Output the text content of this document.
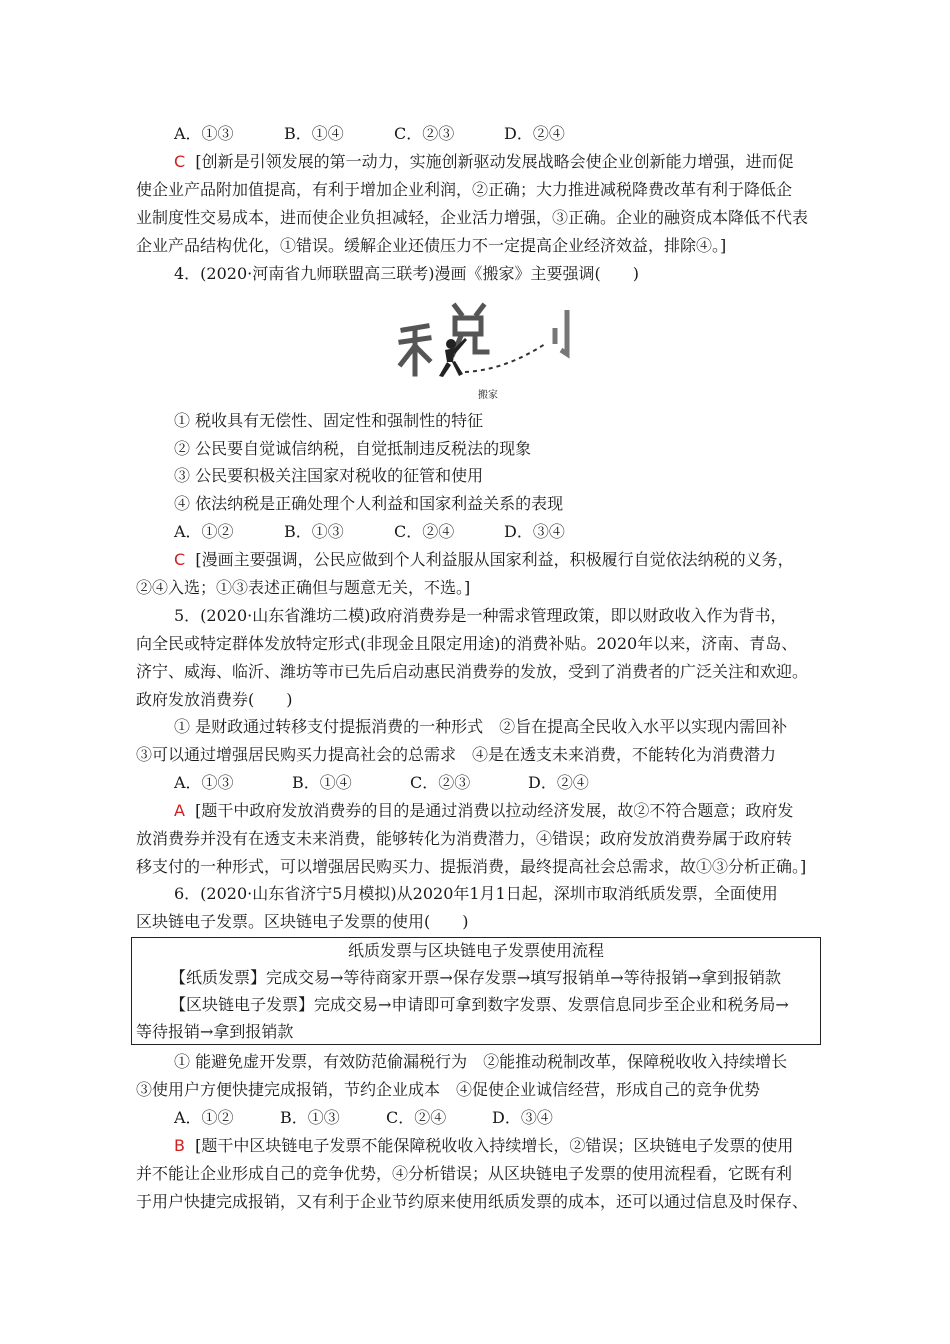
A．①③	B．①④	C．②③	D．②④
C [创新是引领发展的第一动力，实施创新驱动发展战略会使企业创新能力增强，进而促
使企业产品附加值提高，有利于增加企业利润，②正确；大力推进减税降费改革有利于降低企
业制度性交易成本，进而使企业负担减轻，企业活力增强，③正确。企业的融资成本降低不代表
企业产品结构优化，①错误。缓解企业还债压力不一定提高企业经济效益，排除④。]
4．(2020·河南省九师联盟高三联考)漫画《搬家》主要强调(　　)
搬家
① 税收具有无偿性、固定性和强制性的特征
② 公民要自觉诚信纳税，自觉抵制违反税法的现象
③ 公民要积极关注国家对税收的征管和使用
④ 依法纳税是正确处理个人利益和国家利益关系的表现
A．①②	B．①③	C．②④	D．③④
C [漫画主要强调，公民应做到个人利益服从国家利益，积极履行自觉依法纳税的义务，
②④入选；①③表述正确但与题意无关，不选。]
5．(2020·山东省潍坊二模)政府消费券是一种需求管理政策，即以财政收入作为背书，
向全民或特定群体发放特定形式(非现金且限定用途)的消费补贴。2020年以来，济南、青岛、
济宁、威海、临沂、潍坊等市已先后启动惠民消费券的发放，受到了消费者的广泛关注和欢迎。
政府发放消费券(　　)
① 是财政通过转移支付提振消费的一种形式　②旨在提高全民收入水平以实现内需回补
③可以通过增强居民购买力提高社会的总需求　④是在透支未来消费，不能转化为消费潜力
A．①③	B．①④	C．②③	D．②④
A [题干中政府发放消费券的目的是通过消费以拉动经济发展，故②不符合题意；政府发
放消费券并没有在透支未来消费，能够转化为消费潜力，④错误；政府发放消费券属于政府转
移支付的一种形式，可以增强居民购买力、提振消费，最终提高社会总需求，故①③分析正确。]
6．(2020·山东省济宁5月模拟)从2020年1月1日起，深圳市取消纸质发票，全面使用
区块链电子发票。区块链电子发票的使用(　　)
纸质发票与区块链电子发票使用流程
【纸质发票】完成交易→等待商家开票→保存发票→填写报销单→等待报销→拿到报销款
【区块链电子发票】完成交易→申请即可拿到数字发票、发票信息同步至企业和税务局→
等待报销→拿到报销款
① 能避免虚开发票，有效防范偷漏税行为　②能推动税制改革，保障税收收入持续增长
③使用户方便快捷完成报销，节约企业成本　④促使企业诚信经营，形成自己的竞争优势
A．①②	B．①③	C．②④	D．③④
B [题干中区块链电子发票不能保障税收收入持续增长，②错误；区块链电子发票的使用
并不能让企业形成自己的竞争优势，④分析错误；从区块链电子发票的使用流程看，它既有利
于用户快捷完成报销，又有利于企业节约原来使用纸质发票的成本，还可以通过信息及时保存、
